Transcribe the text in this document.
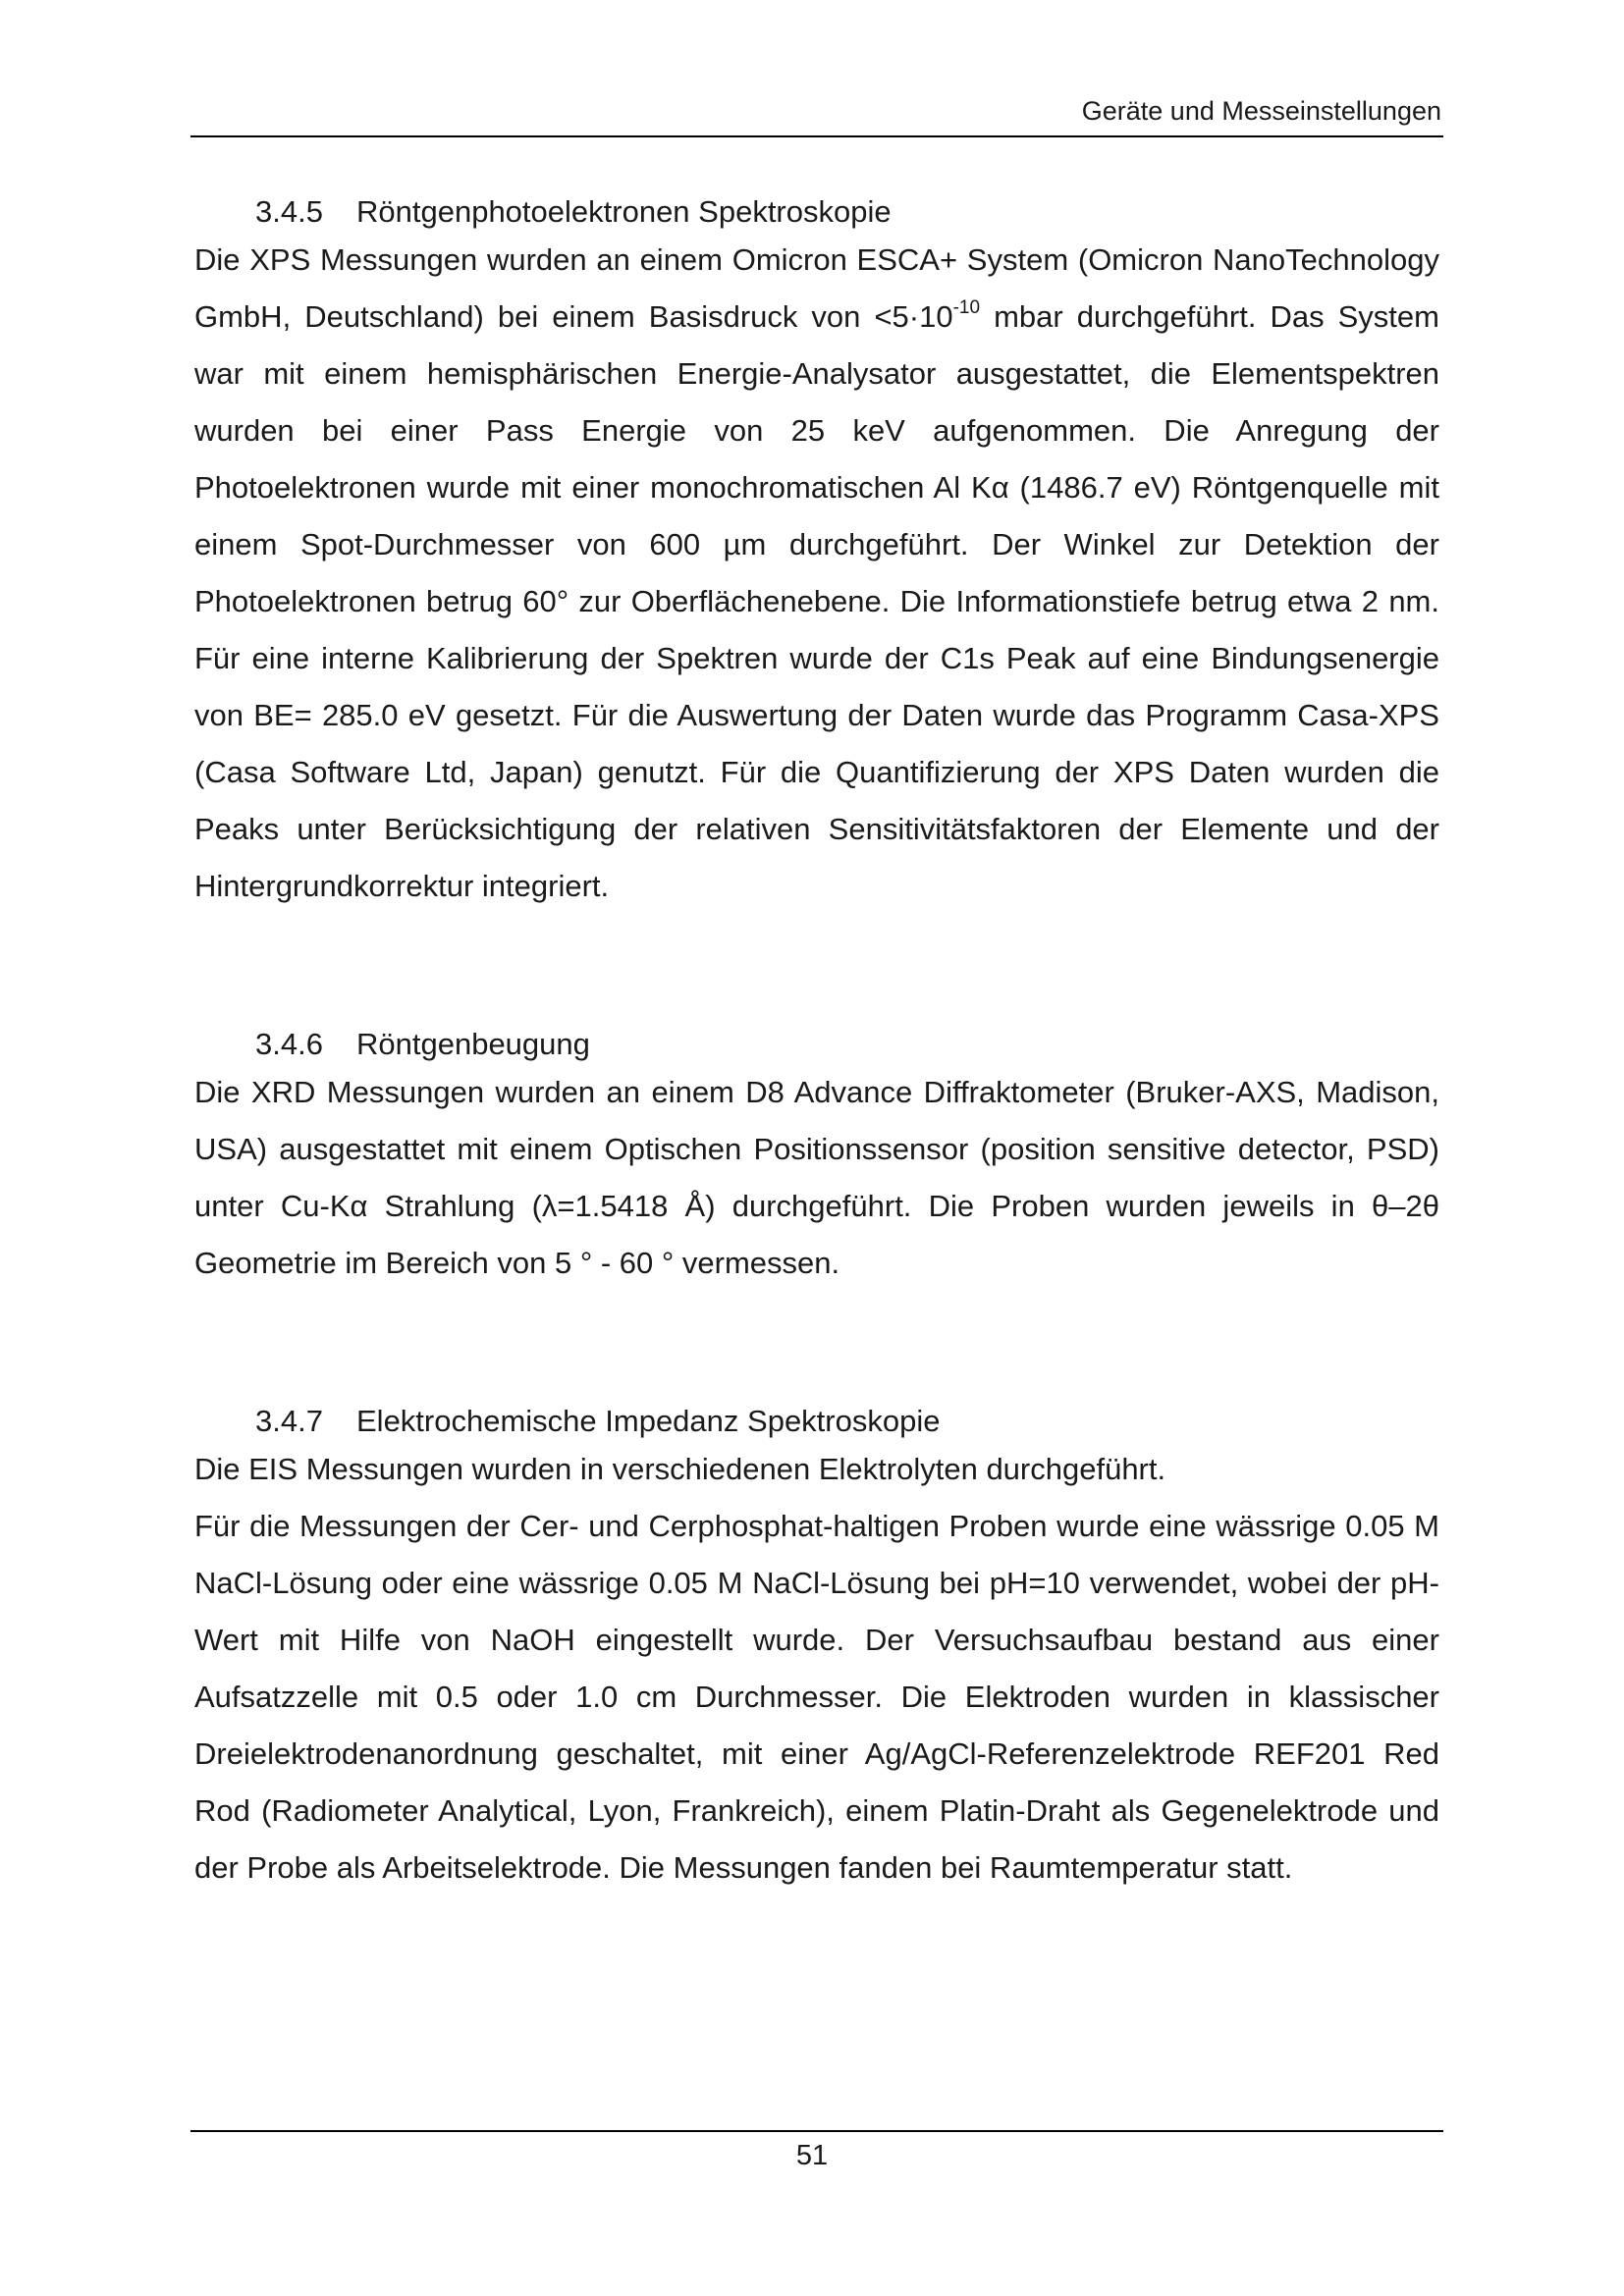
Geräte und Messeinstellungen
3.4.5 Röntgenphotoelektronen Spektroskopie

Die XPS Messungen wurden an einem Omicron ESCA+ System (Omicron NanoTechnology GmbH, Deutschland) bei einem Basisdruck von $<5\cdot 10^{-10}$ mbar durchgeführt. Das System war mit einem hemisphärischen Energie-Analysator ausgestattet, die Elementspektren wurden bei einer Pass Energie von 25 keV aufgenommen. Die Anregung der Photoelektronen wurde mit einer monochromatischen Al Kα (1486.7 eV) Röntgenquelle mit einem Spot-Durchmesser von 600 µm durchgeführt. Der Winkel zur Detektion der Photoelektronen betrug 60° zur Oberflächenebene. Die Informationstiefe betrug etwa 2 nm. Für eine interne Kalibrierung der Spektren wurde der C1s Peak auf eine Bindungsenergie von BE= 285.0 eV gesetzt. Für die Auswertung der Daten wurde das Programm Casa-XPS (Casa Software Ltd, Japan) genutzt. Für die Quantifizierung der XPS Daten wurden die Peaks unter Berücksichtigung der relativen Sensitivitätsfaktoren der Elemente und der Hintergrundkorrektur integriert.

3.4.6 Röntgenbeugung

Die XRD Messungen wurden an einem D8 Advance Diffraktometer (Bruker-AXS, Madison, USA) ausgestattet mit einem Optischen Positionssensor (position sensitive detector, PSD) unter Cu-Kα Strahlung (λ=1.5418 Å) durchgeführt. Die Proben wurden jeweils in θ–2θ Geometrie im Bereich von 5 ° - 60 ° vermessen.

3.4.7 Elektrochemische Impedanz Spektroskopie

Die EIS Messungen wurden in verschiedenen Elektrolyten durchgeführt.

Für die Messungen der Cer- und Cerphosphat-haltigen Proben wurde eine wässrige 0.05 M NaCl-Lösung oder eine wässrige 0.05 M NaCl-Lösung bei pH=10 verwendet, wobei der pH-Wert mit Hilfe von NaOH eingestellt wurde. Der Versuchsaufbau bestand aus einer Aufsatzzelle mit 0.5 oder 1.0 cm Durchmesser. Die Elektroden wurden in klassischer Dreielektrodenanordnung geschaltet, mit einer Ag/AgCl-Referenzelektrode REF201 Red Rod (Radiometer Analytical, Lyon, Frankreich), einem Platin-Draht als Gegenelektrode und der Probe als Arbeitselektrode. Die Messungen fanden bei Raumtemperatur statt.

51
